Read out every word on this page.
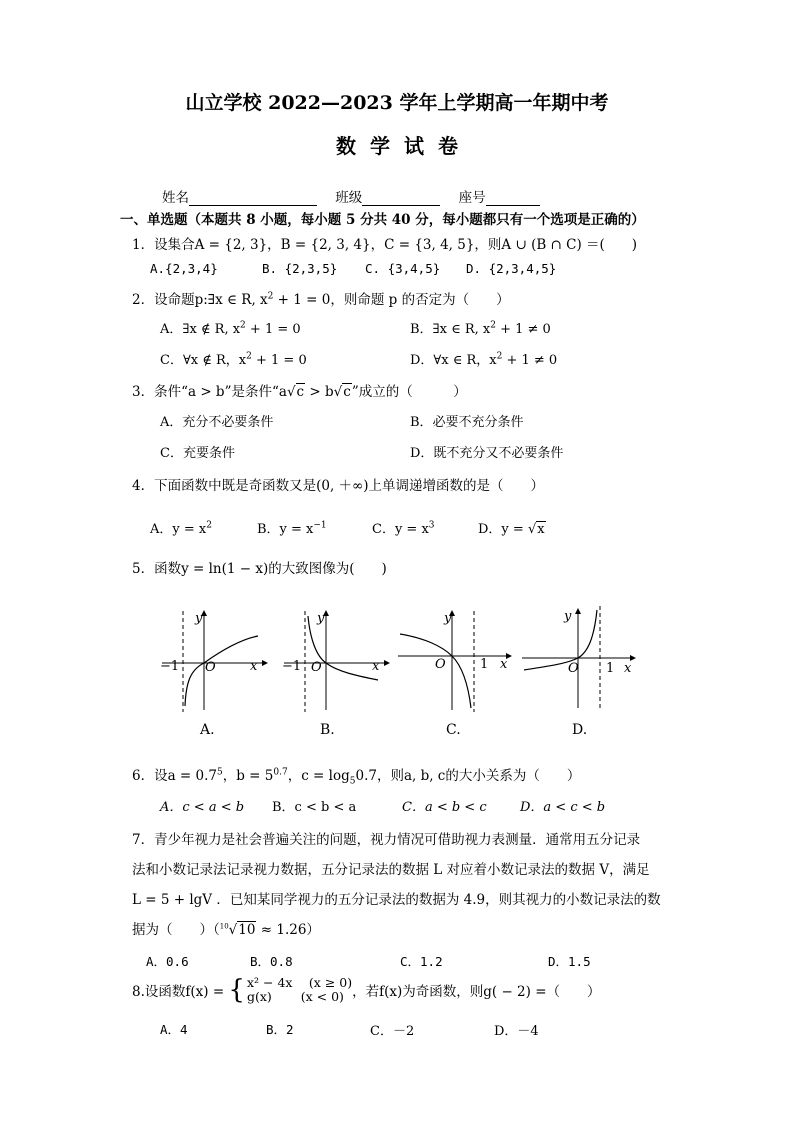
山立学校 2022—2023 学年上学期高一年期中考
数学试卷
姓名	班级	座号
一、单选题（本题共 8 小题，每小题 5 分共 40 分，每小题都只有一个选项是正确的）
1．设集合A = {2, 3}，B = {2, 3, 4}，C = {3, 4, 5}，则A ∪ (B ∩ C) ＝(　　)
A.{2,3,4}	B. {2,3,5} C. {3,4,5} D. {2,3,4,5}
2．设命题p:∃x ∈ R, $x^2 + 1 = 0$，则命题 p 的否定为（　　）
A．∃x ∉ R, $x^2 + 1 = 0$	B．∃x ∈ R, $x^2 + 1 \ne 0$
C．∀x ∉ R，$x^2 + 1 = 0$	D．∀x ∈ R，$x^2 + 1 \ne 0$
3．条件“a > b”是条件“a√c > b√c”成立的（　　　）
A．充分不必要条件	B．必要不充分条件
C．充要条件	D．既不充分又不必要条件
4．下面函数中既是奇函数又是(0, ＋∞)上单调递增函数的是（　　）
A．$y = x^2$	B．$y = x^{-1}$	C．$y = x^3$	D．y = √x
5．函数y = ln(1 − x)的大致图像为(　　)
y
x
O
−1
A.
y
x
O
−1
B.
y
x
O	1
C.
y
x
O 1
D.
6．设$a = 0.7^5$，$b = 5^{0.7}$，$c = \log_50.7$，则a, b, c的大小关系为（　　）
A．c < a < b B．c < b < a	C．a < b < c	D．a < c < b
7．青少年视力是社会普遍关注的问题，视力情况可借助视力表测量．通常用五分记录
法和小数记录法记录视力数据，五分记录法的数据 L 对应着小数记录法的数据 V，满足
L = 5 + lgV ．已知某同学视力的五分记录法的数据为 4.9，则其视力的小数记录法的数
据为（　　）（$^{10}$√10 ≈ 1.26）
A．0.6	B．0.8	C．1.2	D．1.5
8.设函数f(x) = { x² − 4x　 (x ≥ 0)
g(x)　　 (x < 0) ，若f(x)为奇函数，则g( − 2) =（　　）
A．4	B．2	C．－2	D．－4
